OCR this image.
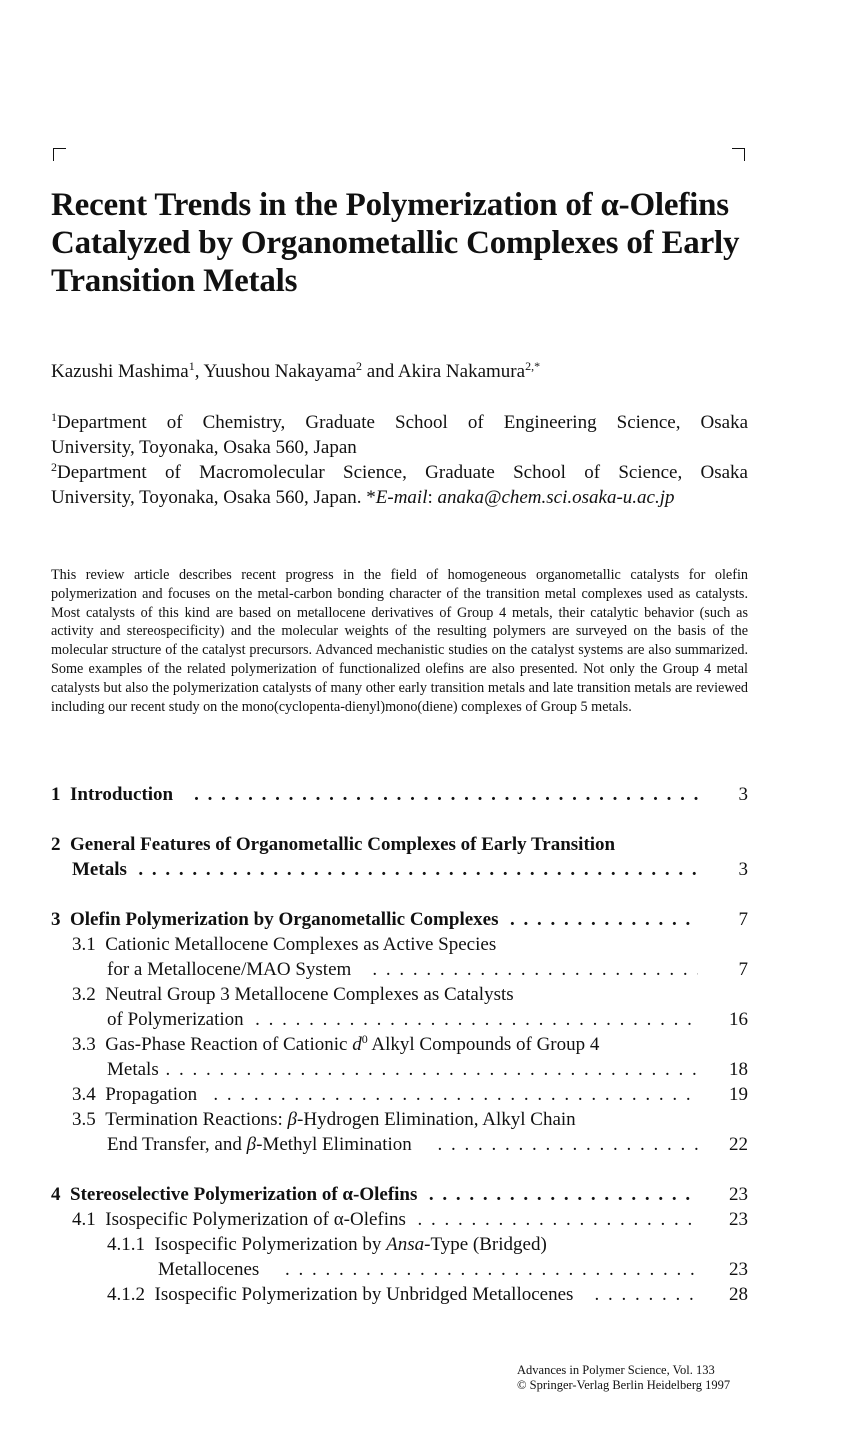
Recent Trends in the Polymerization of α-Olefins
Catalyzed by Organometallic Complexes of Early
Transition Metals
Kazushi Mashima$^1$, Yuushou Nakayama$^2$ and Akira Nakamura$^{2,*}$
$^1$Department of Chemistry, Graduate School of Engineering Science, Osaka
University, Toyonaka, Osaka 560, Japan
$^2$Department of Macromolecular Science, Graduate School of Science, Osaka
University, Toyonaka, Osaka 560, Japan. *E-mail: anaka@chem.sci.osaka-u.ac.jp
This review article describes recent progress in the field of homogeneous organometallic catalysts for olefin polymerization and focuses on the metal-carbon bonding character of the transition metal complexes used as catalysts. Most catalysts of this kind are based on metallocene derivatives of Group 4 metals, their catalytic behavior (such as activity and stereospecificity) and the molecular weights of the resulting polymers are surveyed on the basis of the molecular structure of the catalyst precursors. Advanced mechanistic studies on the catalyst systems are also summarized. Some examples of the related polymerization of functionalized olefins are also presented. Not only the Group 4 metal catalysts but also the polymerization catalysts of many other early transition metals and late transition metals are reviewed including our recent study on the mono(cyclopenta-dienyl)mono(diene) complexes of Group 5 metals.
1 Introduction    . . .	3
2 General Features of Organometallic Complexes of Early Transition
Metals  . . .	3
3 Olefin Polymerization by Organometallic Complexes  . . .	7
3.1 Cationic Metallocene Complexes as Active Species
for a Metallocene/MAO System    . . .	7
3.2 Neutral Group 3 Metallocene Complexes as Catalysts
of Polymerization  . . .	16
3.3 Gas-Phase Reaction of Cationic $d^0$ Alkyl Compounds of Group 4
Metals . . .	18
3.4 Propagation   . . .	19
3.5 Termination Reactions: β-Hydrogen Elimination, Alkyl Chain
End Transfer, and β-Methyl Elimination     . . .	22
4 Stereoselective Polymerization of α-Olefins  . . .	23
4.1 Isospecific Polymerization of α-Olefins  . . .	23
4.1.1 Isospecific Polymerization by Ansa-Type (Bridged)
Metallocenes     . . .	23
4.1.2 Isospecific Polymerization by Unbridged Metallocenes    . . .	28
Advances in Polymer Science, Vol. 133
© Springer-Verlag Berlin Heidelberg 1997
